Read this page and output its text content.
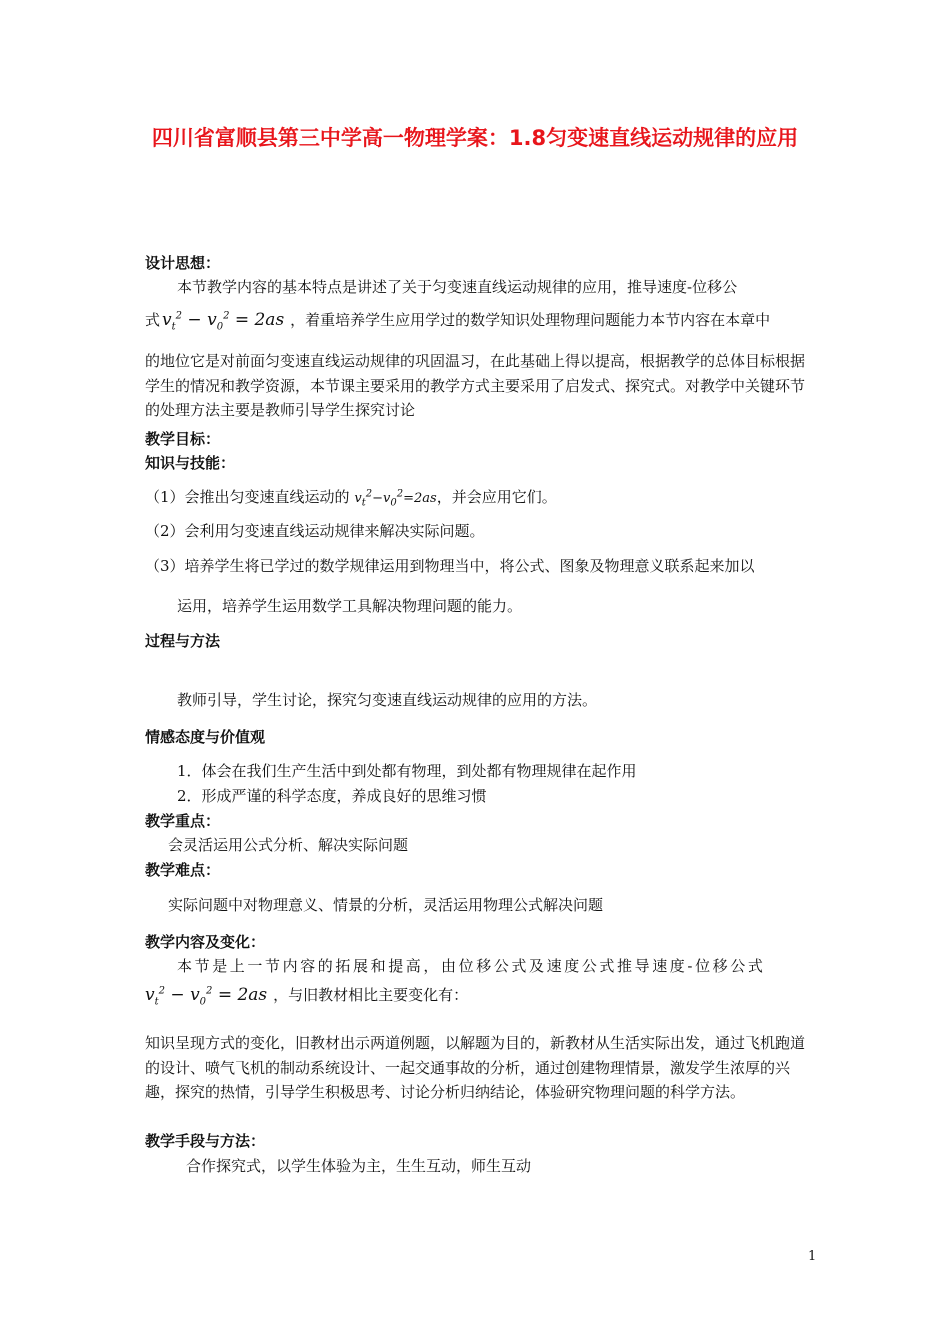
四川省富顺县第三中学高一物理学案：1.8匀变速直线运动规律的应用
设计思想：
本节教学内容的基本特点是讲述了关于匀变速直线运动规律的应用，推导速度-位移公
式 $v_t^2 - v_0^2 = 2as$ ，着重培养学生应用学过的数学知识处理物理问题能力本节内容在本章中
的地位它是对前面匀变速直线运动规律的巩固温习，在此基础上得以提高，根据教学的总体目标根据学生的情况和教学资源，本节课主要采用的教学方式主要采用了启发式、探究式。对教学中关键环节的处理方法主要是教师引导学生探究讨论
教学目标：
知识与技能：
（1）会推出匀变速直线运动的 $v_t^2-v_0^2=2as$，并会应用它们。
（2）会利用匀变速直线运动规律来解决实际问题。
（3）培养学生将已学过的数学规律运用到物理当中，将公式、图象及物理意义联系起来加以
运用，培养学生运用数学工具解决物理问题的能力。
过程与方法
教师引导，学生讨论，探究匀变速直线运动规律的应用的方法。
情感态度与价值观
1．体会在我们生产生活中到处都有物理，到处都有物理规律在起作用
2．形成严谨的科学态度，养成良好的思维习惯
教学重点：
会灵活运用公式分析、解决实际问题
教学难点：
实际问题中对物理意义、情景的分析，灵活运用物理公式解决问题
教学内容及变化：
本节是上一节内容的拓展和提高，由位移公式及速度公式推导速度-位移公式
$v_t^2 - v_0^2 = 2as$ ，与旧教材相比主要变化有：
知识呈现方式的变化，旧教材出示两道例题，以解题为目的，新教材从生活实际出发，通过飞机跑道的设计、喷气飞机的制动系统设计、一起交通事故的分析，通过创建物理情景，激发学生浓厚的兴趣，探究的热情，引导学生积极思考、讨论分析归纳结论，体验研究物理问题的科学方法。
教学手段与方法：
合作探究式，以学生体验为主，生生互动，师生互动
1
